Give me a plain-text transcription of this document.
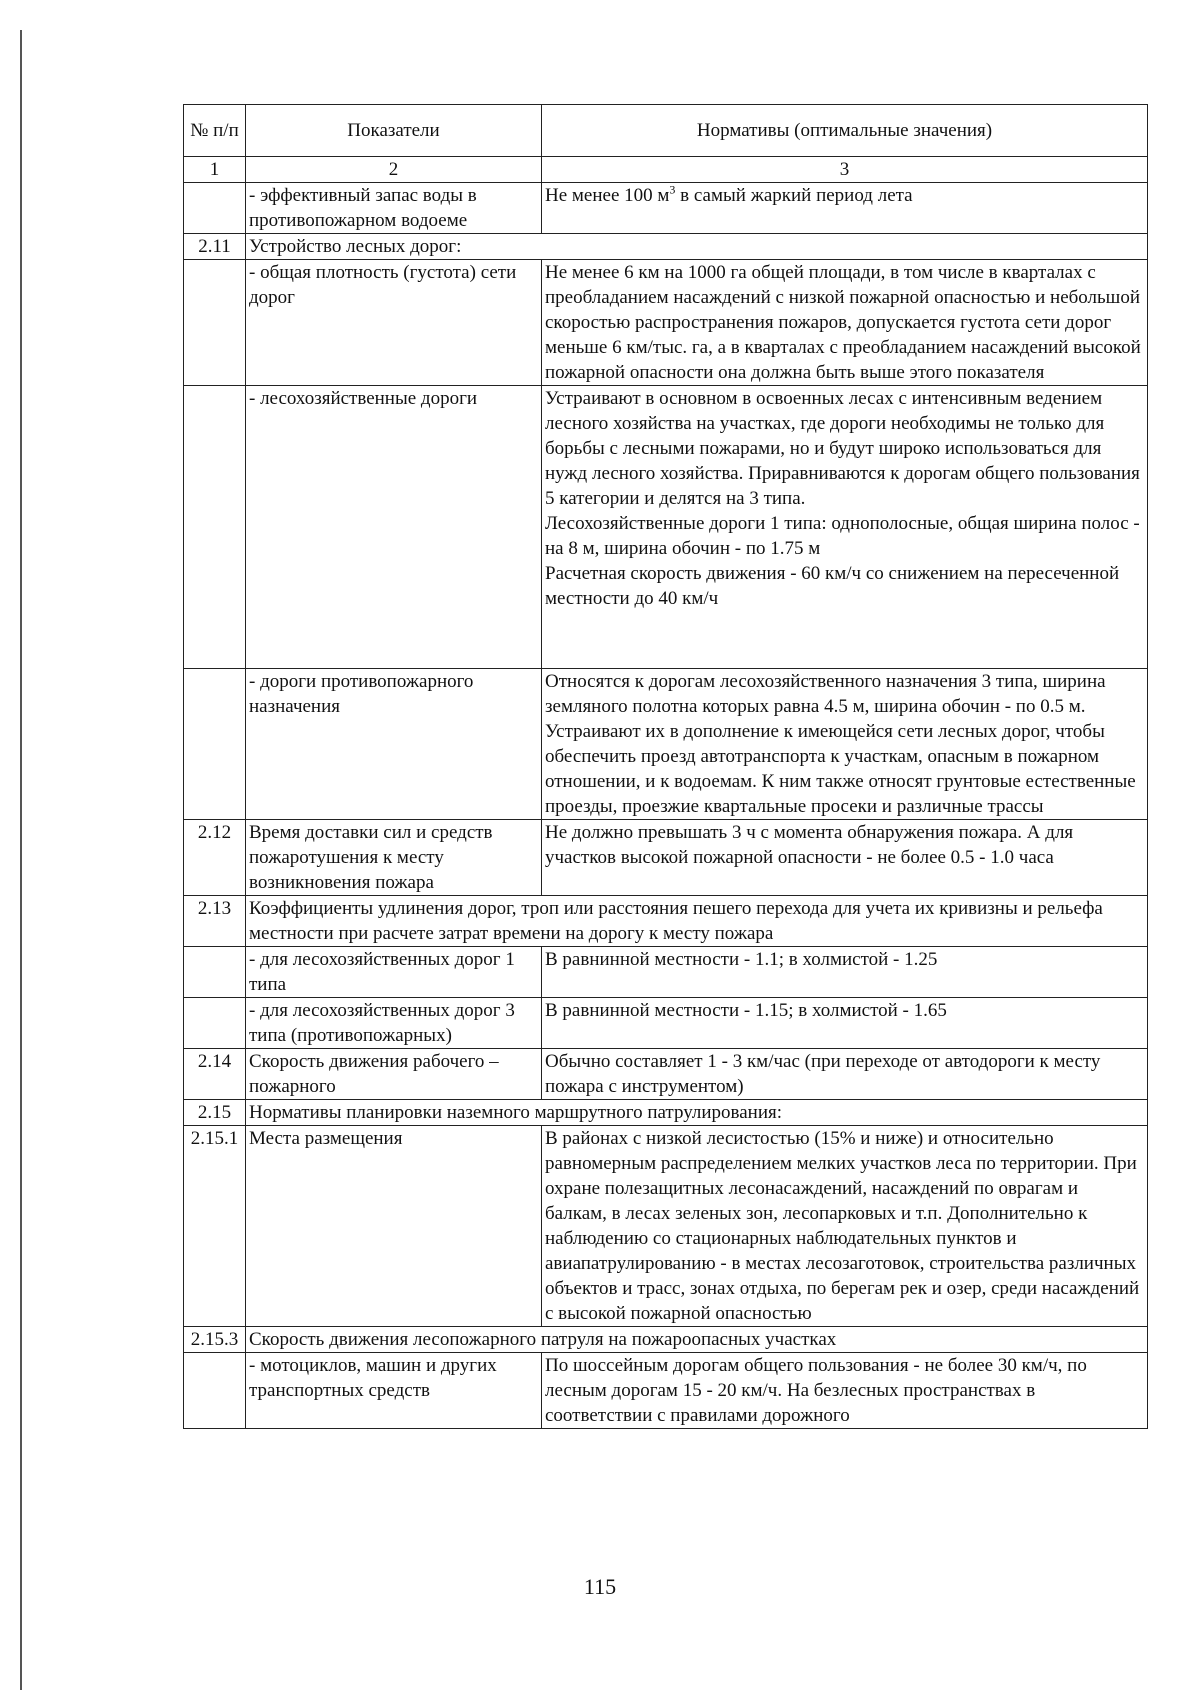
№ п/п	Показатели	Нормативы (оптимальные значения)
1	2	3
	- эффективный запас воды в противопожарном водоеме	Не менее 100 $м^3$ в самый жаркий период лета
2.11	Устройство лесных дорог:	
	- общая плотность (густота) сети дорог	Не менее 6 км на 1000 га общей площади, в том числе в кварталах с преобладанием насаждений с низкой пожарной опасностью и небольшой скоростью распространения пожаров, допускается густота сети дорог меньше 6 км/тыс. га, а в кварталах с преобладанием насаждений высокой пожарной опасности она должна быть выше этого показателя
	- лесохозяйственные дороги	Устраивают в основном в освоенных лесах с интенсивным ведением лесного хозяйства на участках, где дороги необходимы не только для борьбы с лесными пожарами, но и будут широко использоваться для нужд лесного хозяйства. Приравниваются к дорогам общего пользования 5 категории и делятся на 3 типа.
Лесохозяйственные дороги 1 типа: однополосные, общая ширина полос - на 8 м, ширина обочин - по 1.75 м
Расчетная скорость движения - 60 км/ч со снижением на пересеченной местности до 40 км/ч

	- дороги противопожарного назначения	Относятся к дорогам лесохозяйственного назначения 3 типа, ширина земляного полотна которых равна 4.5 м, ширина обочин - по 0.5 м. Устраивают их в дополнение к имеющейся сети лесных дорог, чтобы обеспечить проезд автотранспорта к участкам, опасным в пожарном отношении, и к водоемам. К ним также относят грунтовые естественные проезды, проезжие квартальные просеки и различные трассы
2.12	Время доставки сил и средств пожаротушения к месту возникновения пожара	Не должно превышать 3 ч с момента обнаружения пожара. А для участков высокой пожарной опасности - не более 0.5 - 1.0 часа
2.13	Коэффициенты удлинения дорог, троп или расстояния пешего перехода для учета их кривизны и рельефа местности при расчете затрат времени на дорогу к месту пожара	
	- для лесохозяйственных дорог 1 типа	В равнинной местности - 1.1; в холмистой - 1.25
	- для лесохозяйственных дорог 3 типа (противопожарных)	В равнинной местности - 1.15; в холмистой - 1.65
2.14	Скорость движения рабочего – пожарного	Обычно составляет 1 - 3 км/час (при переходе от автодороги к месту пожара с инструментом)
2.15	Нормативы планировки наземного маршрутного патрулирования:	
2.15.1	Места размещения	В районах с низкой лесистостью (15% и ниже) и относительно равномерным распределением мелких участков леса по территории. При охране полезащитных лесонасаждений, насаждений по оврагам и балкам, в лесах зеленых зон, лесопарковых и т.п. Дополнительно к наблюдению со стационарных наблюдательных пунктов и авиапатрулированию - в местах лесозаготовок, строительства различных объектов и трасс, зонах отдыха, по берегам рек и озер, среди насаждений с высокой пожарной опасностью
2.15.3	Скорость движения лесопожарного патруля на пожароопасных участках	
	- мотоциклов, машин и других транспортных средств	По шоссейным дорогам общего пользования - не более 30 км/ч, по лесным дорогам 15 - 20 км/ч. На безлесных пространствах в соответствии с правилами дорожного
115
